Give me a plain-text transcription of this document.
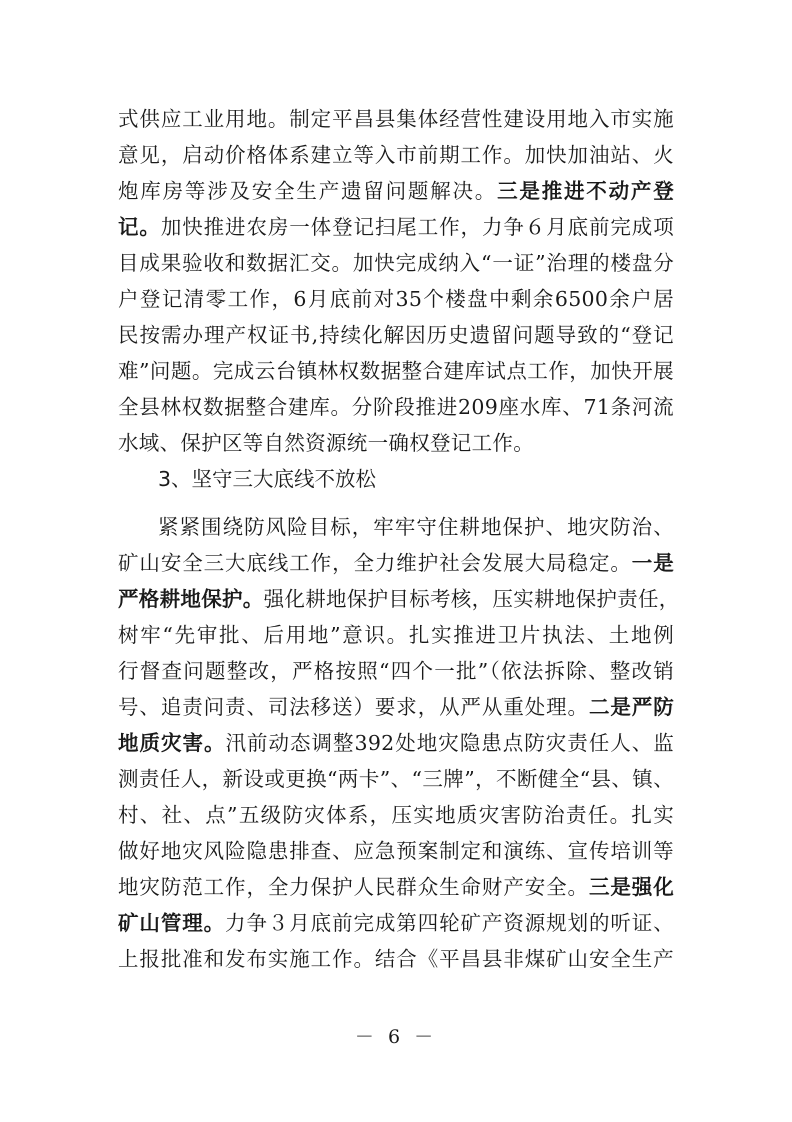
式供应工业用地。制定平昌县集体经营性建设用地入市实施
意见，启动价格体系建立等入市前期工作。加快加油站、火
炮库房等涉及安全生产遗留问题解决。三是推进不动产登
记。加快推进农房一体登记扫尾工作，力争６月底前完成项
目成果验收和数据汇交。加快完成纳入“一证”治理的楼盘分
户登记清零工作，6月底前对35个楼盘中剩余6500余户居
民按需办理产权证书,持续化解因历史遗留问题导致的“登记
难”问题。完成云台镇林权数据整合建库试点工作，加快开展
全县林权数据整合建库。分阶段推进209座水库、71条河流
水域、保护区等自然资源统一确权登记工作。
紧紧围绕防风险目标，牢牢守住耕地保护、地灾防治、
矿山安全三大底线工作，全力维护社会发展大局稳定。一是
严格耕地保护。强化耕地保护目标考核，压实耕地保护责任，
树牢“先审批、后用地”意识。扎实推进卫片执法、土地例
行督查问题整改，严格按照“四个一批”（依法拆除、整改销
号、追责问责、司法移送）要求，从严从重处理。二是严防
地质灾害。汛前动态调整392处地灾隐患点防灾责任人、监
测责任人，新设或更换“两卡”、“三牌”，不断健全“县、镇、
村、社、点”五级防灾体系，压实地质灾害防治责任。扎实
做好地灾风险隐患排查、应急预案制定和演练、宣传培训等
地灾防范工作，全力保护人民群众生命财产安全。三是强化
矿山管理。力争３月底前完成第四轮矿产资源规划的听证、
上报批准和发布实施工作。结合《平昌县非煤矿山安全生产
3、坚守三大底线不放松
－ 6 －
